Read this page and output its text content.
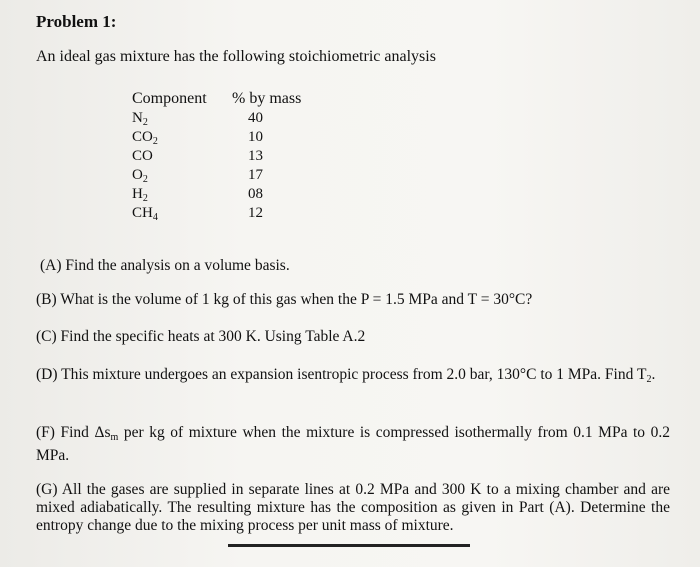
Problem 1:
An ideal gas mixture has the following stoichiometric analysis
Component	% by mass
$N_2$	40
$CO_2$	10
CO	13
$O_2$	17
$H_2$	08
$CH_4$	12
(A) Find the analysis on a volume basis.
(B) What is the volume of 1 kg of this gas when the P = 1.5 MPa and T = 30°C?
(C) Find the specific heats at 300 K. Using Table A.2
(D) This mixture undergoes an expansion isentropic process from 2.0 bar, 130°C to 1 MPa. Find $T_2$.
(F) Find $\Delta s_m$ per kg of mixture when the mixture is compressed isothermally from 0.1 MPa to 0.2 MPa.
(G) All the gases are supplied in separate lines at 0.2 MPa and 300 K to a mixing chamber and are mixed adiabatically. The resulting mixture has the composition as given in Part (A). Determine the entropy change due to the mixing process per unit mass of mixture.
